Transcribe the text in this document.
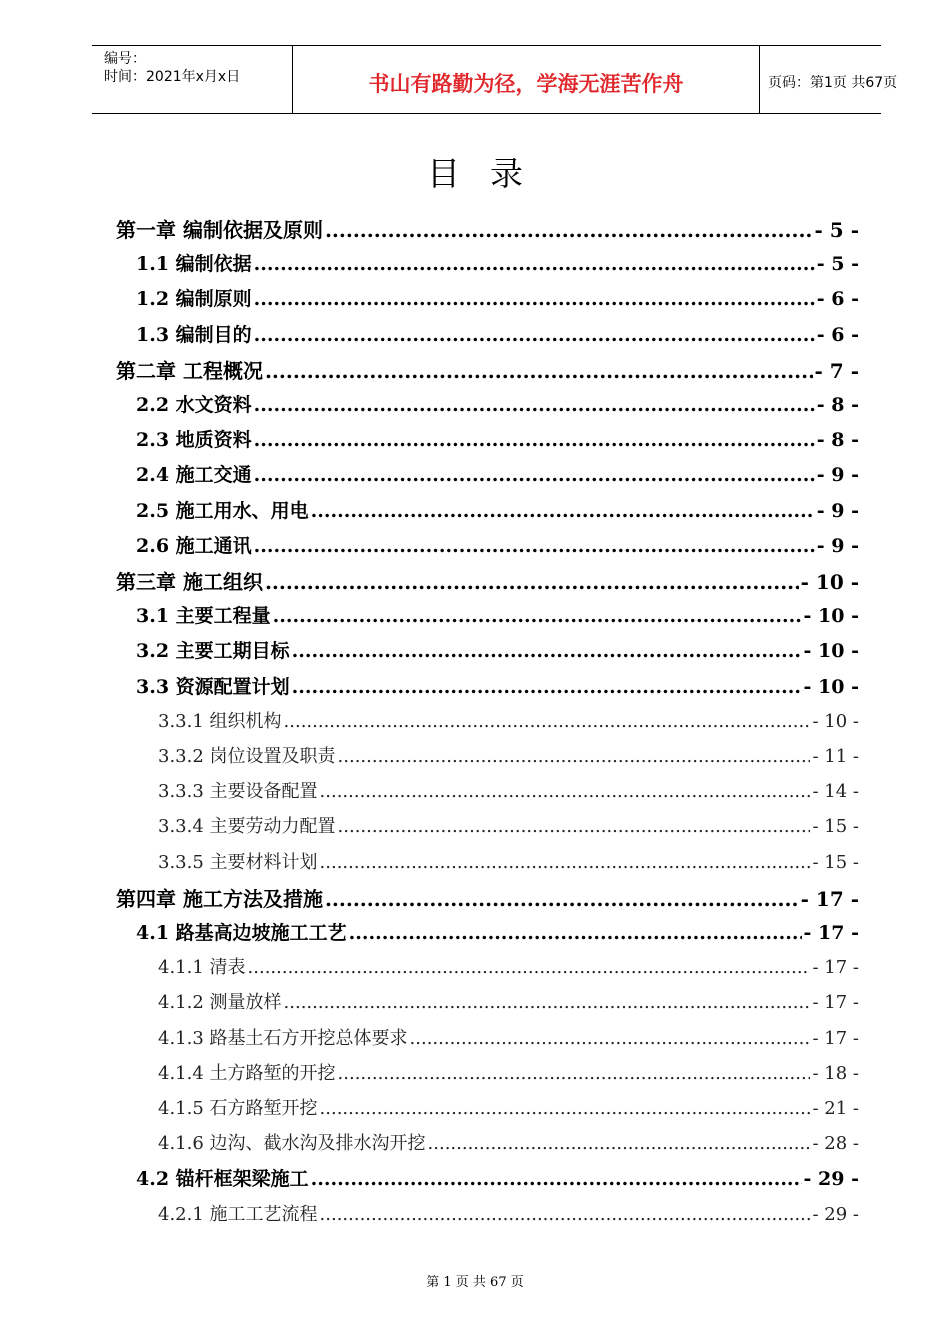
编号：
时间：2021年x月x日	书山有路勤为径，学海无涯苦作舟	页码：第1页 共67页
目录
第一章 编制依据及原则 .....	- 5 -
1.1 编制依据 .....	- 5 -
1.2 编制原则 .....	- 6 -
1.3 编制目的 .....	- 6 -
第二章 工程概况 .....	- 7 -
2.2 水文资料 .....	- 8 -
2.3 地质资料 .....	- 8 -
2.4 施工交通 .....	- 9 -
2.5 施工用水、用电 .....	- 9 -
2.6 施工通讯 .....	- 9 -
第三章 施工组织 .....	- 10 -
3.1 主要工程量 .....	- 10 -
3.2 主要工期目标 .....	- 10 -
3.3 资源配置计划 .....	- 10 -
3.3.1 组织机构 .....	- 10 -
3.3.2 岗位设置及职责 .....	- 11 -
3.3.3 主要设备配置 .....	- 14 -
3.3.4 主要劳动力配置 .....	- 15 -
3.3.5 主要材料计划 .....	- 15 -
第四章 施工方法及措施 .....	- 17 -
4.1 路基高边坡施工工艺 .....	- 17 -
4.1.1 清表 .....	- 17 -
4.1.2 测量放样 .....	- 17 -
4.1.3 路基土石方开挖总体要求 .....	- 17 -
4.1.4 土方路堑的开挖 .....	- 18 -
4.1.5 石方路堑开挖 .....	- 21 -
4.1.6 边沟、截水沟及排水沟开挖 .....	- 28 -
4.2 锚杆框架梁施工 .....	- 29 -
4.2.1 施工工艺流程 .....	- 29 -
第 1 页 共 67 页
